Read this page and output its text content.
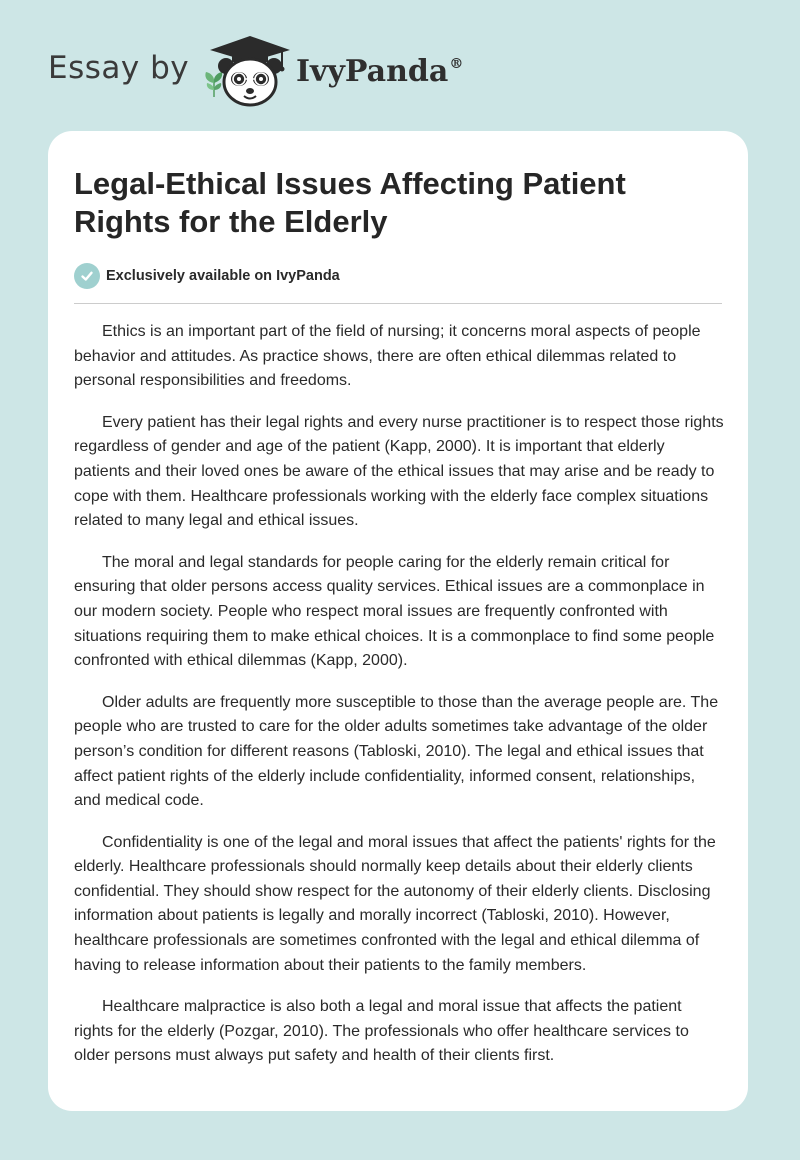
Essay by	IvyPanda®
Legal-Ethical Issues Affecting Patient Rights for the Elderly
Exclusively available on IvyPanda

Ethics is an important part of the field of nursing; it concerns moral aspects of people behavior and attitudes. As practice shows, there are often ethical dilemmas related to personal responsibilities and freedoms.

Every patient has their legal rights and every nurse practitioner is to respect those rights regardless of gender and age of the patient (Kapp, 2000). It is important that elderly patients and their loved ones be aware of the ethical issues that may arise and be ready to cope with them. Healthcare professionals working with the elderly face complex situations related to many legal and ethical issues.

The moral and legal standards for people caring for the elderly remain critical for ensuring that older persons access quality services. Ethical issues are a commonplace in our modern society. People who respect moral issues are frequently confronted with situations requiring them to make ethical choices. It is a commonplace to find some people confronted with ethical dilemmas (Kapp, 2000).

Older adults are frequently more susceptible to those than the average people are. The people who are trusted to care for the older adults sometimes take advantage of the older person’s condition for different reasons (Tabloski, 2010). The legal and ethical issues that affect patient rights of the elderly include confidentiality, informed consent, relationships, and medical code.

Confidentiality is one of the legal and moral issues that affect the patients' rights for the elderly. Healthcare professionals should normally keep details about their elderly clients confidential. They should show respect for the autonomy of their elderly clients. Disclosing information about patients is legally and morally incorrect (Tabloski, 2010). However, healthcare professionals are sometimes confronted with the legal and ethical dilemma of having to release information about their patients to the family members.

Healthcare malpractice is also both a legal and moral issue that affects the patient rights for the elderly (Pozgar, 2010). The professionals who offer healthcare services to older persons must always put safety and health of their clients first.
